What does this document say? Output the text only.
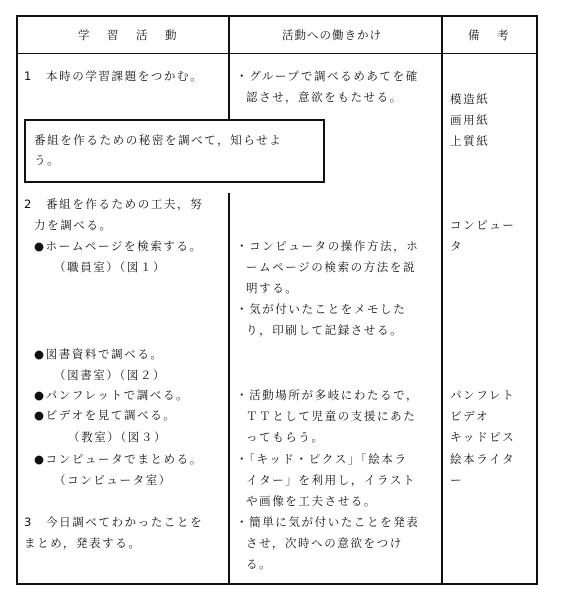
学　習　活　動	活動への働きかけ	備　考
1　本時の学習課題をつかむ。
番組を作るための秘密を調べて，知らせよ
う。
2　番組を作るための工夫，努
力を調べる。
●ホームページを検索する。
（職員室）（図１）
●図書資料で調べる。
（図書室）（図２）
●パンフレットで調べる。
●ビデオを見て調べる。
（教室）（図３）
●コンピュータでまとめる。
（コンピュータ室）
3　今日調べてわかったことを
まとめ，発表する。
・グループで調べるめあてを確
認させ，意欲をもたせる。
・コンピュータの操作方法，ホ
ームページの検索の方法を説
明する。
・気が付いたことをメモした
り，印刷して記録させる。
・活動場所が多岐にわたるで，
ＴＴとして児童の支援にあた
ってもらう。
・「キッド・ピクス」「絵本ラ
イター」を利用し，イラスト
や画像を工夫させる。
・簡単に気が付いたことを発表
させ，次時への意欲をつけ
る。
模造紙
画用紙
上質紙
コンピュー
タ
パンフレト
ビデオ
キッドピス
絵本ライタ
ー
